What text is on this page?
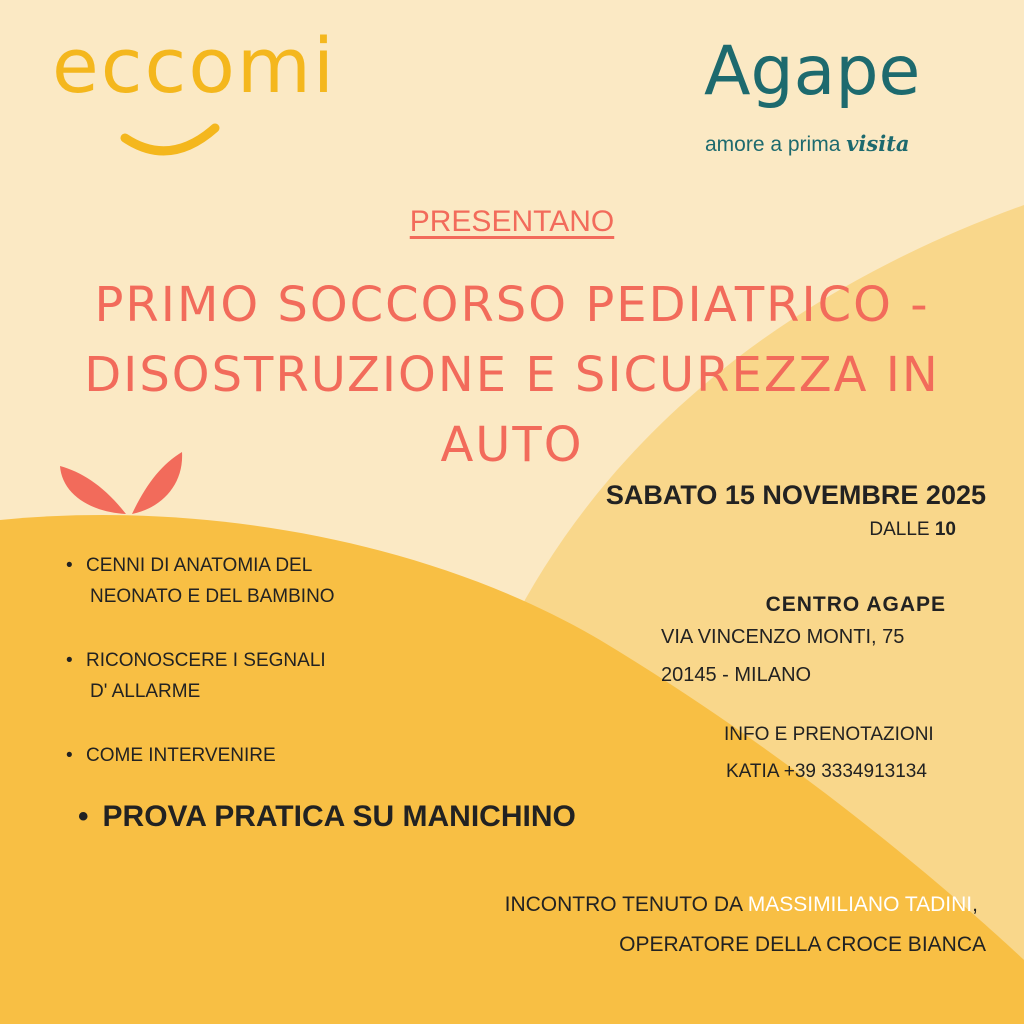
eccomi	Agape
amore a prima visita
PRESENTANO
PRIMO SOCCORSO PEDIATRICO -
DISOSTRUZIONE E SICUREZZA IN
AUTO
SABATO 15 NOVEMBRE 2025
DALLE 10
• CENNI DI ANATOMIA DEL
NEONATO E DEL BAMBINO
• RICONOSCERE I SEGNALI
D' ALLARME
• COME INTERVENIRE
• PROVA PRATICA SU MANICHINO
CENTRO AGAPE
VIA VINCENZO MONTI, 75
20145 - MILANO
INFO E PRENOTAZIONI
KATIA +39 3334913134
INCONTRO TENUTO DA MASSIMILIANO TADINI,
OPERATORE DELLA CROCE BIANCA
